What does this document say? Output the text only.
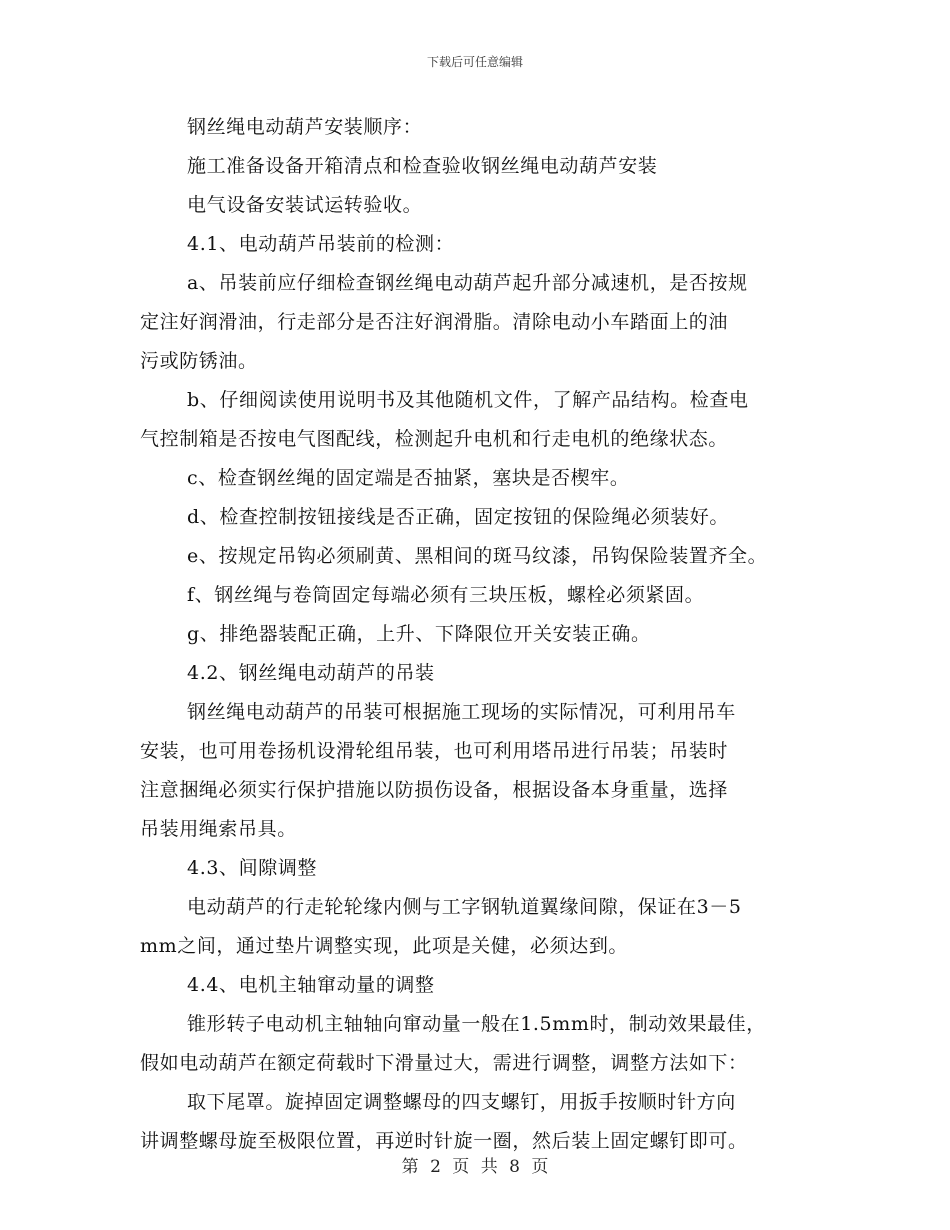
下载后可任意编辑
钢丝绳电动葫芦安装顺序：
施工准备设备开箱清点和检查验收钢丝绳电动葫芦安装
电气设备安装试运转验收。
4.1、电动葫芦吊装前的检测：
a、吊装前应仔细检查钢丝绳电动葫芦起升部分减速机，是否按规
定注好润滑油，行走部分是否注好润滑脂。清除电动小车踏面上的油
污或防锈油。
b、仔细阅读使用说明书及其他随机文件，了解产品结构。检查电
气控制箱是否按电气图配线，检测起升电机和行走电机的绝缘状态。
c、检查钢丝绳的固定端是否抽紧，塞块是否楔牢。
d、检查控制按钮接线是否正确，固定按钮的保险绳必须装好。
e、按规定吊钩必须刷黄、黑相间的斑马纹漆，吊钩保险装置齐全。
f、钢丝绳与卷筒固定每端必须有三块压板，螺栓必须紧固。
g、排绝器装配正确，上升、下降限位开关安装正确。
4.2、钢丝绳电动葫芦的吊装
钢丝绳电动葫芦的吊装可根据施工现场的实际情况，可利用吊车
安装，也可用卷扬机设滑轮组吊装，也可利用塔吊进行吊装；吊装时
注意捆绳必须实行保护措施以防损伤设备，根据设备本身重量，选择
吊装用绳索吊具。
4.3、间隙调整
电动葫芦的行走轮轮缘内侧与工字钢轨道翼缘间隙，保证在3－5
mm之间，通过垫片调整实现，此项是关健，必须达到。
4.4、电机主轴窜动量的调整
锥形转子电动机主轴轴向窜动量一般在1.5mm时，制动效果最佳，
假如电动葫芦在额定荷载时下滑量过大，需进行调整，调整方法如下：
取下尾罩。旋掉固定调整螺母的四支螺钉，用扳手按顺时针方向
讲调整螺母旋至极限位置，再逆时针旋一圈，然后装上固定螺钉即可。
第 2 页 共 8 页
